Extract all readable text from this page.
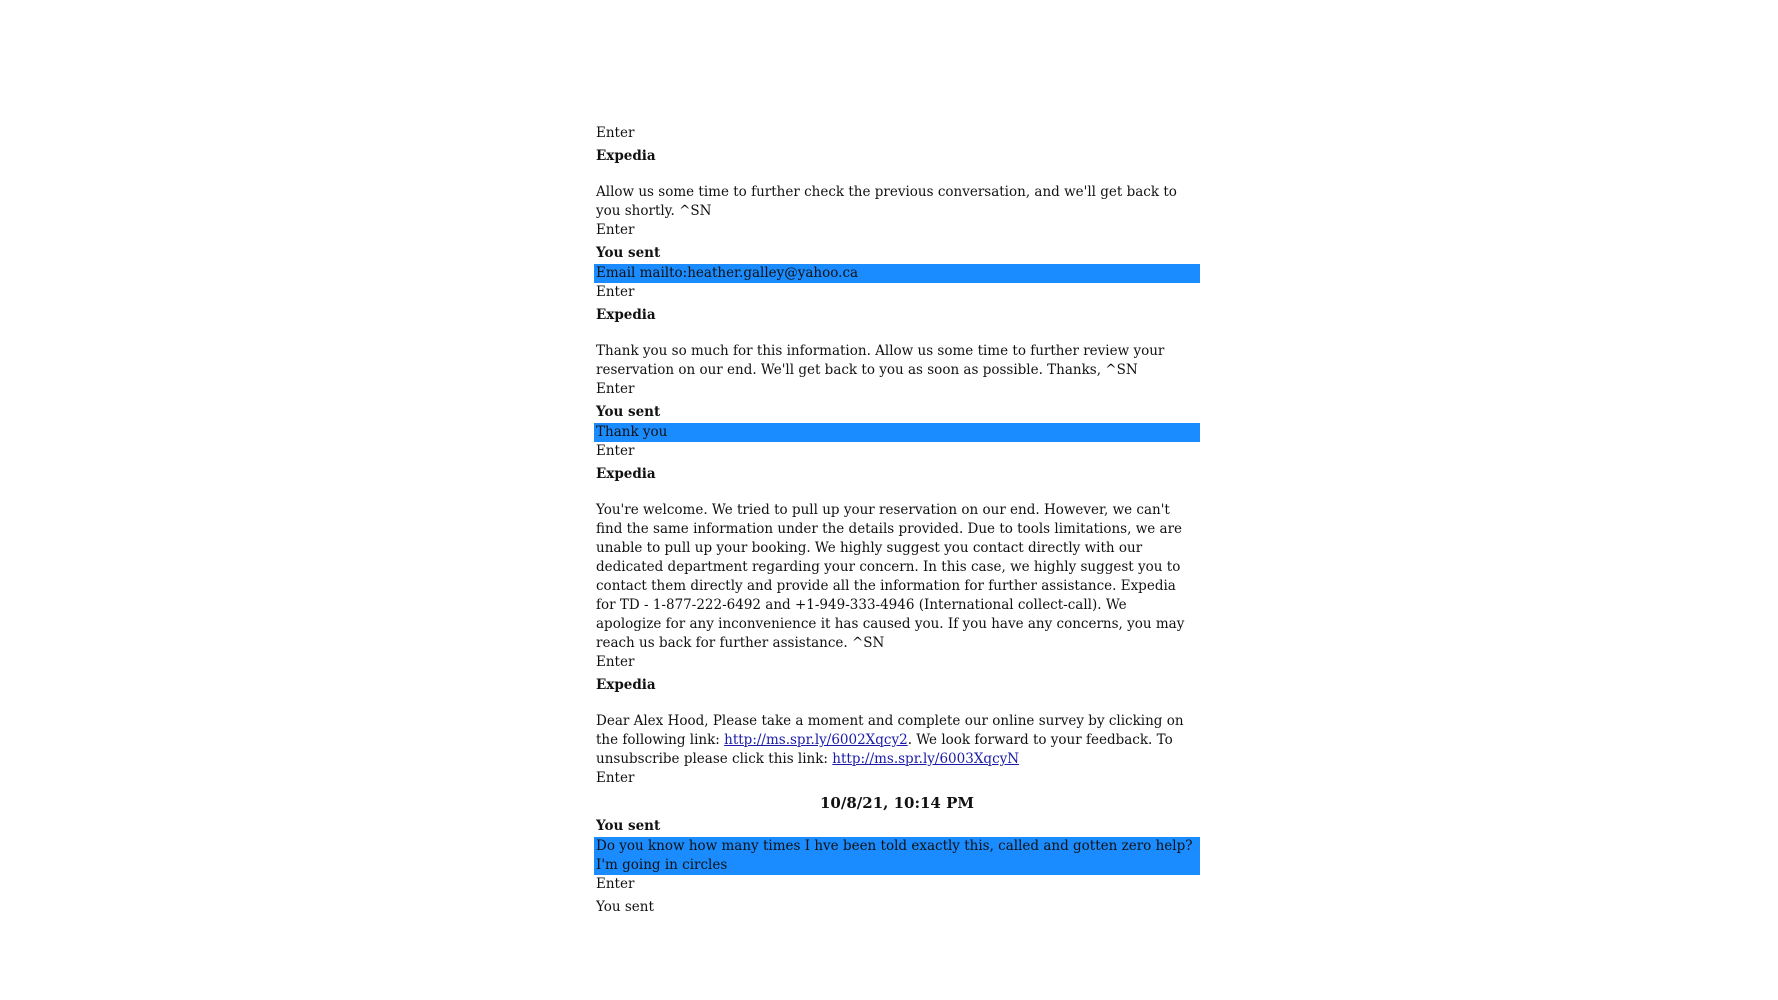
Enter
Expedia
Allow us some time to further check the previous conversation, and we'll get back to you shortly. ^SN
Enter
You sent
Email mailto:heather.galley@yahoo.ca
Enter
Expedia
Thank you so much for this information. Allow us some time to further review your reservation on our end. We'll get back to you as soon as possible. Thanks, ^SN
Enter
You sent
Thank you
Enter
Expedia
You're welcome. We tried to pull up your reservation on our end. However, we can't find the same information under the details provided. Due to tools limitations, we are unable to pull up your booking. We highly suggest you contact directly with our dedicated department regarding your concern. In this case, we highly suggest you to contact them directly and provide all the information for further assistance. Expedia for TD - 1-877-222-6492 and +1-949-333-4946 (International collect-call). We apologize for any inconvenience it has caused you. If you have any concerns, you may reach us back for further assistance. ^SN
Enter
Expedia
Dear Alex Hood, Please take a moment and complete our online survey by clicking on the following link: http://ms.spr.ly/6002Xqcy2. We look forward to your feedback. To unsubscribe please click this link: http://ms.spr.ly/6003XqcyN
Enter
10/8/21, 10:14 PM
You sent
Do you know how many times I hve been told exactly this, called and gotten zero help? I'm going in circles
Enter
You sent
